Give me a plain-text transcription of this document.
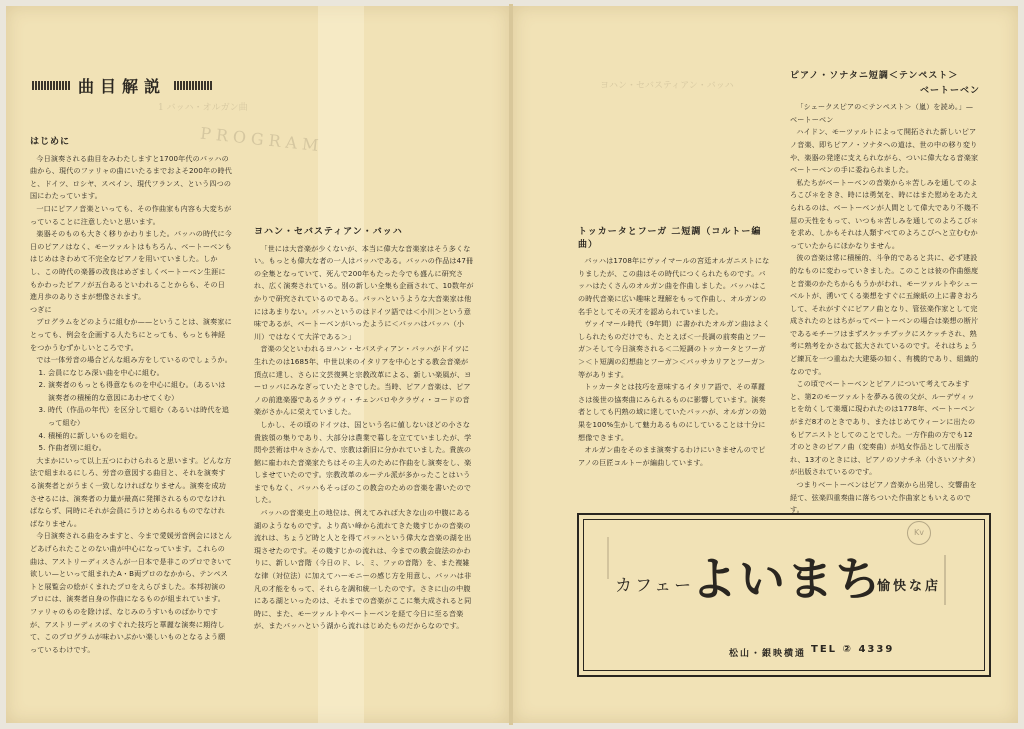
1 バッハ・オルガン曲
PROGRAM
ヨハン・セバスティアン・バッハ
曲目解説
はじめに

今日演奏される曲目をみわたしますと1700年代のバッハの曲から、現代のファリャの曲にいたるまでおよそ200年の時代と、ドイツ、ロシヤ、スペイン、現代フランス、という四つの国にわたっています。

一口にピアノ音楽といっても、その作曲家も内容も大変ちがっていることに注意したいと思います。

楽器そのものも大きく移りかわりました。バッハの時代に今日のピアノはなく、モーツァルトはもちろん、ベートーベンもはじめはきわめて不完全なピアノを用いていました。しかし、この時代の楽器の改良はめざましくベートーベン生涯にもかわったピアノが五台あるといわれることからも、その日進月歩のありさまが想像されます。

つぎに

プログラムをどのように組むか——ということは、演奏家にとっても、例会を企画する人たちにとっても、もっとも神経をつかうむずかしいところです。

では一体労音の場合どんな組み方をしているのでしょうか。

1. 会員になじみ深い曲を中心に組む。
2. 演奏者のもっとも得意なものを中心に組む。（あるいは演奏者の積極的な意図にあわせてくむ）
3. 時代（作品の年代）を区分して組む（あるいは時代を追って組む）
4. 積極的に新しいものを組む。
5. 作曲者別に組む。

大まかにいって以上五つにわけられると思います。どんな方法で組まれるにしろ、労音の意図する曲目と、それを演奏する演奏者とがうまく一致しなければなりません。演奏を成功させるには、演奏者の力量が最高に発揮されるものでなければならず、同時にそれが会員にうけとめられるものでなければなりません。

今日演奏される曲をみますと、今まで愛媛労音例会にほとんどあげられたことのない曲が中心になっています。これらの曲は、アストリーディスさんが一日本で是非このプロできいて欲しい—といって組まれたA・B両プロのなかから、テンペストと展覧会の絵がくまれたプロをえらびました。本邦初演のプロには、演奏者自身の作曲になるものが組まれています。ファリャのものを除けば、なじみのうすいものばかりですが、アストリーディスのすぐれた技巧と華麗な演奏に期待して、このプログラムが味わいぶかい楽しいものとなるよう願っているわけです。

ヨハン・セバスティアン・バッハ

「世には大音楽が少くないが、本当に偉大な音楽家はそう多くない。もっとも偉大な者の一人はバッハである。バッハの作品は47冊の全集となっていて、死んで200年もたった今でも盛んに研究され、広く演奏されている。別の新しい全集も企画されて、10数年がかりで研究されているのである。バッハというような大音楽家は他にはあまりない。バッハというのはドイツ語では＜小川＞という意味であるが、ベートーベンがいったように＜バッハはバッハ（小川）ではなくて大洋である＞」

音楽の父といわれるヨハン・セバスティアン・バッハがドイツに生れたのは1685年、中世以来のイタリアを中心とする教会音楽が頂点に達し、さらに文芸復興と宗教改革による、新しい楽風が、ヨーロッパにみなぎっていたときでした。当時、ピアノ音楽は、ピアノの前進楽器であるクラヴィ・チェンバロやクラヴィ・コードの音楽がさかんに栄えていました。

しかし、その頃のドイツは、国という名に値しないほどの小さな貴族領の集りであり、大部分は農業で暮しを立てていましたが、学問や芸術は中々さかんで、宗教は新旧に分かれていました。貴族の館に雇われた音楽家たちはその主人のために作曲をし演奏をし、楽しませていたのです。宗教改革のルーテル派が多かったことはいうまでもなく、バッハもそっぽのこの教会のための音楽を書いたのでした。

バッハの音楽史上の地位は、例えてみれば大きな山の中腹にある湖のようなものです。より高い峰から流れてきた幾すじかの音楽の流れは、ちょうど時と人とを得てバッハという偉大な音楽の湖を出現させたのです。その幾すじかの流れは、今までの教会旋法のかわりに、新しい音階（今日のド、レ、ミ、ファの音階）を、また複雑な律（対位法）に加えてハーモニーの感じ方を用意し、バッハは非凡の才能をもって、それらを調和統一したのです。さきに山の中腹にある湖といったのは、それまでの音楽がここに集大成されると同時に、また、モーツァルトやベートーベンを経て今日に至る音楽が、またバッハという湖から流れはじめたものだからなのです。

トッカータとフーガ 二短調（コルトー編曲）

バッハは1708年にヴァイマールの宮廷オルガニストになりましたが、この曲はその時代につくられたものです。バッハはたくさんのオルガン曲を作曲しました。バッハはこの時代音楽に広い趣味と理解をもって作曲し、オルガンの名手としてその天才を認められていました。

ヴァイマール時代（9年間）に書かれたオルガン曲はよくしられたものだけでも、たとえば＜一長調の前奏曲とフーガ＞そして今日演奏される＜二短調のトッカータとフーガ＞＜ト短調の幻想曲とフーガ＞＜パッサカリアとフーガ＞等があります。

トッカータとは技巧を意味するイタリア語で、その華麗さは後世の協奏曲にみられるものに影響しています。演奏者としても円熟の域に達していたバッハが、オルガンの効果を100%生かして魅力あるものにしていることは十分に想像できます。

オルガン曲をそのまま演奏するわけにいきませんのでピアノの巨匠コルトーが編曲しています。

ピアノ・ソナタニ短調＜テンペスト＞
ベートーベン

「シェークスピアの＜テンペスト＞（嵐）を読め。」—ベートーベン

ハイドン、モーツァルトによって開拓された新しいピアノ音楽、即ちピアノ・ソナタへの道は、世の中の移り変りや、楽器の発達に支えられながら、ついに偉大なる音楽家ベートーベンの手に委ねられました。

私たちがベートーベンの音楽から＊苦しみを通してのよろこび＊をきき、時には勇気を、時にはまた慰めをあたえられるのは、ベートーベンが人間として偉大であり不幾不屈の天性をもって、いつも＊苦しみを通してのよろこび＊を求め、しかもそれは人類すべてのよろこびへと立むむかっていたからにほかなりません。

彼の音楽は常に積極的、斗争的であると共に、必ず建設的なものに変わっていきました。このことは彼の作曲態度と音楽のかたちからもうかがわれ、モーツァルトやシューベルトが、湧いてくる楽想をすぐに五線紙の上に書きおろして、それがすぐにピアノ曲となり、管弦楽作家として完成されたのとはちがってベートーベンの場合は楽想の断片であるモチーフはまずスケッチブックにスケッチされ、熟考に熟考をかさねて拡大されているのです。それはちょうど練瓦を一つ重ねた大建築の如く、有機的であり、組織的なのです。

この頃でベートーベンとピアノについて考えてみますと、第2のモーツァルトを夢みる彼の父が、ルーデヴィッヒを幼くして楽壇に現われたのは1778年、ベートーベンがまだ8才のときであり、またはじめてウィーンに出たのもピアニストとしてのことでした。一方作曲の方でも12才のときのピアノ曲（変奏曲）が処女作品として出版され、13才のときには、ピアノのソナチネ（小さいソナタ）が出版されているのです。

つまりベートーベンはピアノ音楽から出発し、交響曲を経て、弦楽四重奏曲に落ちついた作曲家ともいえるのです。

Kv
カフェー
よいまち
愉快な店
松山・銀映横通 TEL ② 4339
